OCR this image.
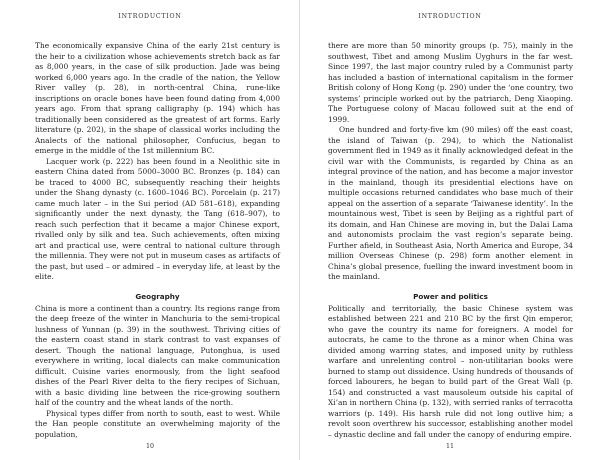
INTRODUCTION

The economically expansive China of the early 21st century is the heir to a civilization whose achievements stretch back as far as 8,000 years, in the case of silk production. Jade was being worked 6,000 years ago. In the cradle of the nation, the Yellow River valley (p. 28), in north-central China, rune-like inscriptions on oracle bones have been found dating from 4,000 years ago. From that sprang calligraphy (p. 194) which has traditionally been considered as the greatest of art forms. Early literature (p. 202), in the shape of classical works including the Analects of the national philosopher, Confucius, began to emerge in the middle of the 1st millennium BC.

Lacquer work (p. 222) has been found in a Neolithic site in eastern China dated from 5000–3000 BC. Bronzes (p. 184) can be traced to 4000 BC, subsequently reaching their heights under the Shang dynasty (c. 1600–1046 BC). Porcelain (p. 217) came much later – in the Sui period (AD 581–618), expanding significantly under the next dynasty, the Tang (618–907), to reach such perfection that it became a major Chinese export, rivalled only by silk and tea. Such achievements, often mixing art and practical use, were central to national culture through the millennia. They were not put in museum cases as artifacts of the past, but used – or admired – in everyday life, at least by the elite.

Geography

China is more a continent than a country. Its regions range from the deep freeze of the winter in Manchuria to the semi-tropical lushness of Yunnan (p. 39) in the southwest. Thriving cities of the eastern coast stand in stark contrast to vast expanses of desert. Though the national language, Putonghua, is used everywhere in writing, local dialects can make communication difficult. Cuisine varies enormously, from the light seafood dishes of the Pearl River delta to the fiery recipes of Sichuan, with a basic dividing line between the rice-growing southern half of the country and the wheat lands of the north.

Physical types differ from north to south, east to west. While the Han people constitute an overwhelming majority of the population,

10
INTRODUCTION

there are more than 50 minority groups (p. 75), mainly in the southwest, Tibet and among Muslim Uyghurs in the far west. Since 1997, the last major country ruled by a Communist party has included a bastion of international capitalism in the former British colony of Hong Kong (p. 290) under the ‘one country, two systems’ principle worked out by the patriarch, Deng Xiaoping. The Portuguese colony of Macau followed suit at the end of 1999.

One hundred and forty-five km (90 miles) off the east coast, the island of Taiwan (p. 294), to which the Nationalist government fled in 1949 as it finally acknowledged defeat in the civil war with the Communists, is regarded by China as an integral province of the nation, and has become a major investor in the mainland, though its presidential elections have on multiple occasions returned candidates who base much of their appeal on the assertion of a separate ‘Taiwanese identity’. In the mountainous west, Tibet is seen by Beijing as a rightful part of its domain, and Han Chinese are moving in, but the Dalai Lama and autonomists proclaim the vast region’s separate being. Further afield, in Southeast Asia, North America and Europe, 34 million Overseas Chinese (p. 298) form another element in China’s global presence, fuelling the inward investment boom in the mainland.

Power and politics

Politically and territorially, the basic Chinese system was established between 221 and 210 BC by the first Qin emperor, who gave the country its name for foreigners. A model for autocrats, he came to the throne as a minor when China was divided among warring states, and imposed unity by ruthless warfare and unrelenting control – non-utilitarian books were burned to stamp out dissidence. Using hundreds of thousands of forced labourers, he began to build part of the Great Wall (p. 154) and constructed a vast mausoleum outside his capital of Xi’an in northern China (p. 132), with serried ranks of terracotta warriors (p. 149). His harsh rule did not long outlive him; a revolt soon overthrew his successor, establishing another model – dynastic decline and fall under the canopy of enduring empire.

11
